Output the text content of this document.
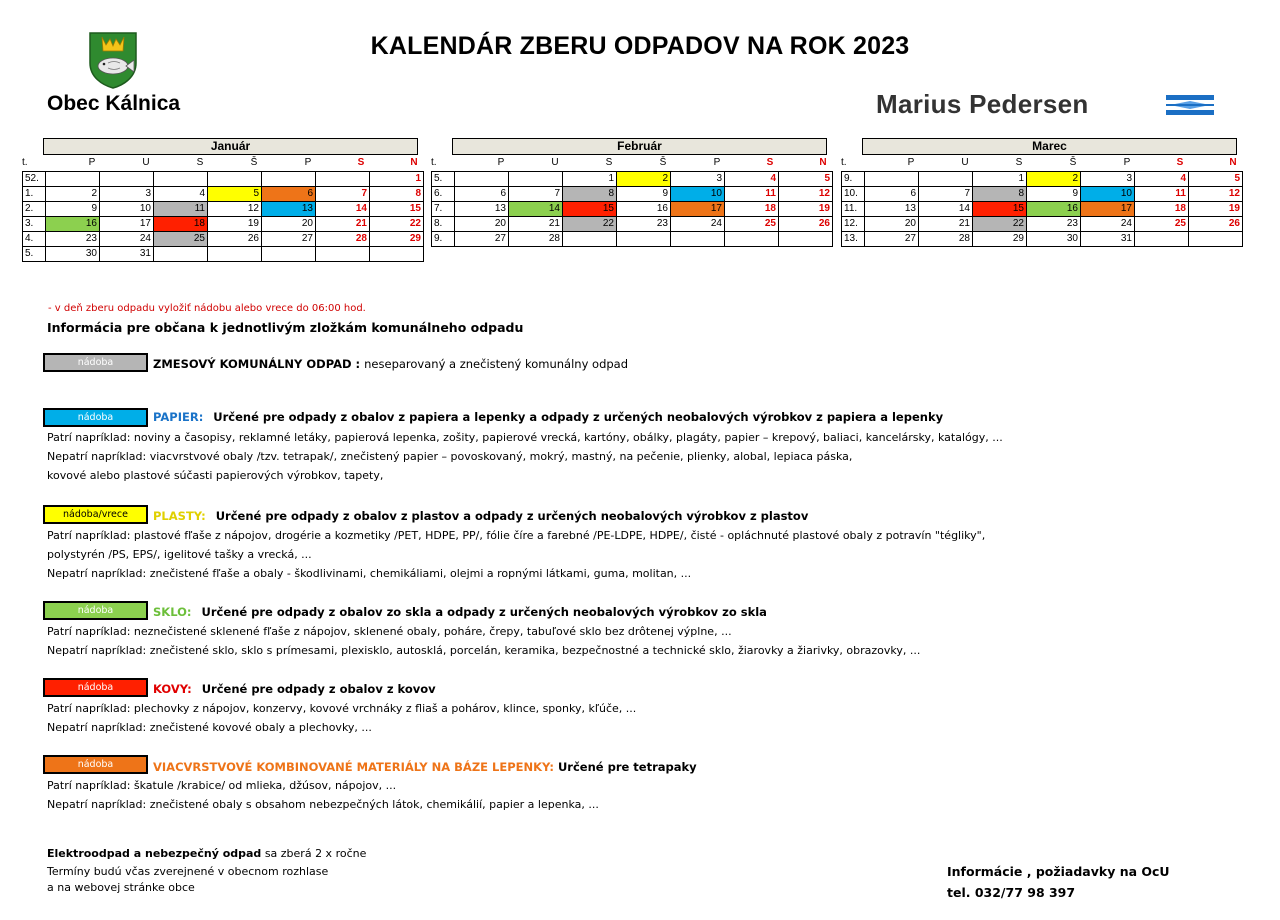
KALENDÁR ZBERU ODPADOV NA ROK 2023
Obec Kálnica	Marius Pedersen
Január
t.	P	U	S	Š	P	S	N
52.							1
1.	2	3	4	5	6	7	8
2.	9	10	11	12	13	14	15
3.	16	17	18	19	20	21	22
4.	23	24	25	26	27	28	29
5.	30	31					
Február
t.	P	U	S	Š	P	S	N
5.			1	2	3	4	5
6.	6	7	8	9	10	11	12
7.	13	14	15	16	17	18	19
8.	20	21	22	23	24	25	26
9.	27	28					
Marec
t.	P	U	S	Š	P	S	N
9.			1	2	3	4	5
10.	6	7	8	9	10	11	12
11.	13	14	15	16	17	18	19
12.	20	21	22	23	24	25	26
13.	27	28	29	30	31		
- v deň zberu odpadu vyložiť nádobu alebo vrece do 06:00 hod.
Informácia pre občana k jednotlivým zložkám komunálneho odpadu
nádoba	ZMESOVÝ KOMUNÁLNY ODPAD : neseparovaný a znečistený komunálny odpad
nádoba	PAPIER: Určené pre odpady z obalov z papiera a lepenky a odpady z určených neobalových výrobkov z papiera a lepenky
Patrí napríklad: noviny a časopisy, reklamné letáky, papierová lepenka, zošity, papierové vrecká, kartóny, obálky, plagáty, papier – krepový, baliaci, kancelársky, katalógy, ...
Nepatrí napríklad: viacvrstvové obaly /tzv. tetrapak/, znečistený papier – povoskovaný, mokrý, mastný, na pečenie, plienky, alobal, lepiaca páska,
kovové alebo plastové súčasti papierových výrobkov, tapety,
nádoba/vrece	PLASTY: Určené pre odpady z obalov z plastov a odpady z určených neobalových výrobkov z plastov
Patrí napríklad: plastové fľaše z nápojov, drogérie a kozmetiky /PET, HDPE, PP/, fólie číre a farebné /PE-LDPE, HDPE/, čisté - opláchnuté plastové obaly z potravín "tégliky",
polystyrén /PS, EPS/, igelitové tašky a vrecká, ...
Nepatrí napríklad: znečistené fľaše a obaly - škodlivinami, chemikáliami, olejmi a ropnými látkami, guma, molitan, ...
nádoba	SKLO: Určené pre odpady z obalov zo skla a odpady z určených neobalových výrobkov zo skla
Patrí napríklad: neznečistené sklenené fľaše z nápojov, sklenené obaly, poháre, črepy, tabuľové sklo bez drôtenej výplne, ...
Nepatrí napríklad: znečistené sklo, sklo s prímesami, plexisklo, autosklá, porcelán, keramika, bezpečnostné a technické sklo, žiarovky a žiarivky, obrazovky, ...
nádoba	KOVY: Určené pre odpady z obalov z kovov
Patrí napríklad: plechovky z nápojov, konzervy, kovové vrchnáky z fliaš a pohárov, klince, sponky, kľúče, ...
Nepatrí napríklad: znečistené kovové obaly a plechovky, ...
nádoba	VIACVRSTVOVÉ KOMBINOVANÉ MATERIÁLY NA BÁZE LEPENKY: Určené pre tetrapaky
Patrí napríklad: škatule /krabice/ od mlieka, džúsov, nápojov, ...
Nepatrí napríklad: znečistené obaly s obsahom nebezpečných látok, chemikálií, papier a lepenka, ...
Elektroodpad a nebezpečný odpad sa zberá 2 x ročne
Termíny budú včas zverejnené v obecnom rozhlase
a na webovej stránke obce
Informácie , požiadavky na OcU
tel. 032/77 98 397
